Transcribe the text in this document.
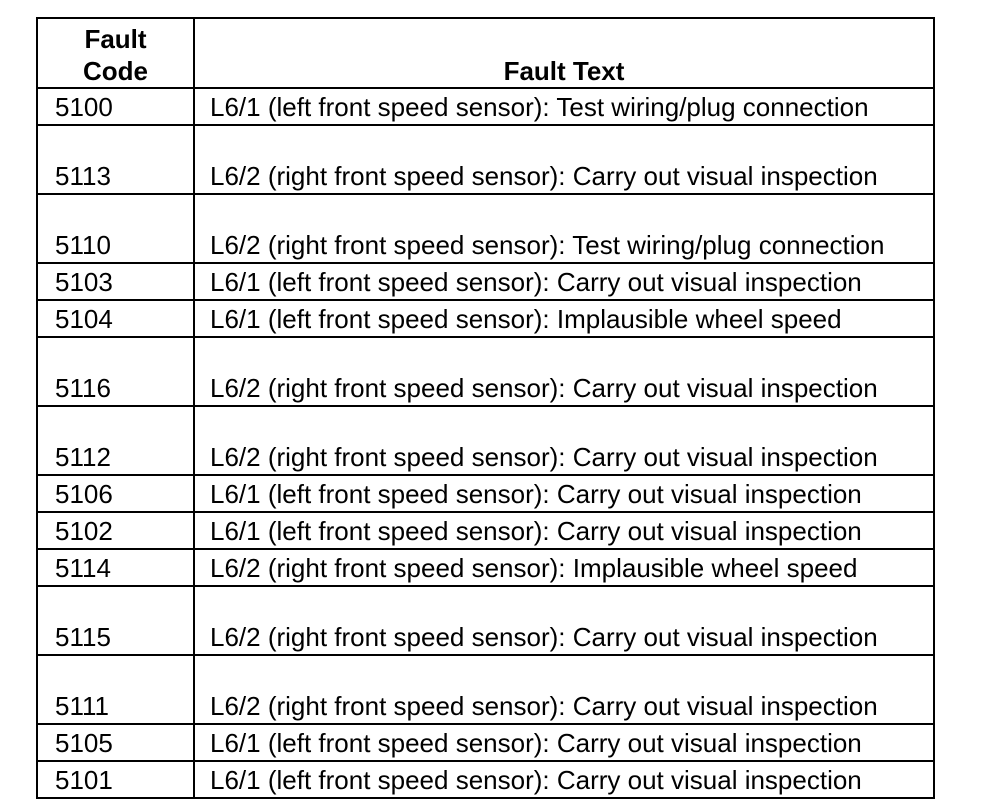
Fault
Code	Fault Text
5100	L6/1 (left front speed sensor): Test wiring/plug connection
5113	L6/2 (right front speed sensor): Carry out visual inspection
5110	L6/2 (right front speed sensor): Test wiring/plug connection
5103	L6/1 (left front speed sensor): Carry out visual inspection
5104	L6/1 (left front speed sensor): Implausible wheel speed
5116	L6/2 (right front speed sensor): Carry out visual inspection
5112	L6/2 (right front speed sensor): Carry out visual inspection
5106	L6/1 (left front speed sensor): Carry out visual inspection
5102	L6/1 (left front speed sensor): Carry out visual inspection
5114	L6/2 (right front speed sensor): Implausible wheel speed
5115	L6/2 (right front speed sensor): Carry out visual inspection
5111	L6/2 (right front speed sensor): Carry out visual inspection
5105	L6/1 (left front speed sensor): Carry out visual inspection
5101	L6/1 (left front speed sensor): Carry out visual inspection
